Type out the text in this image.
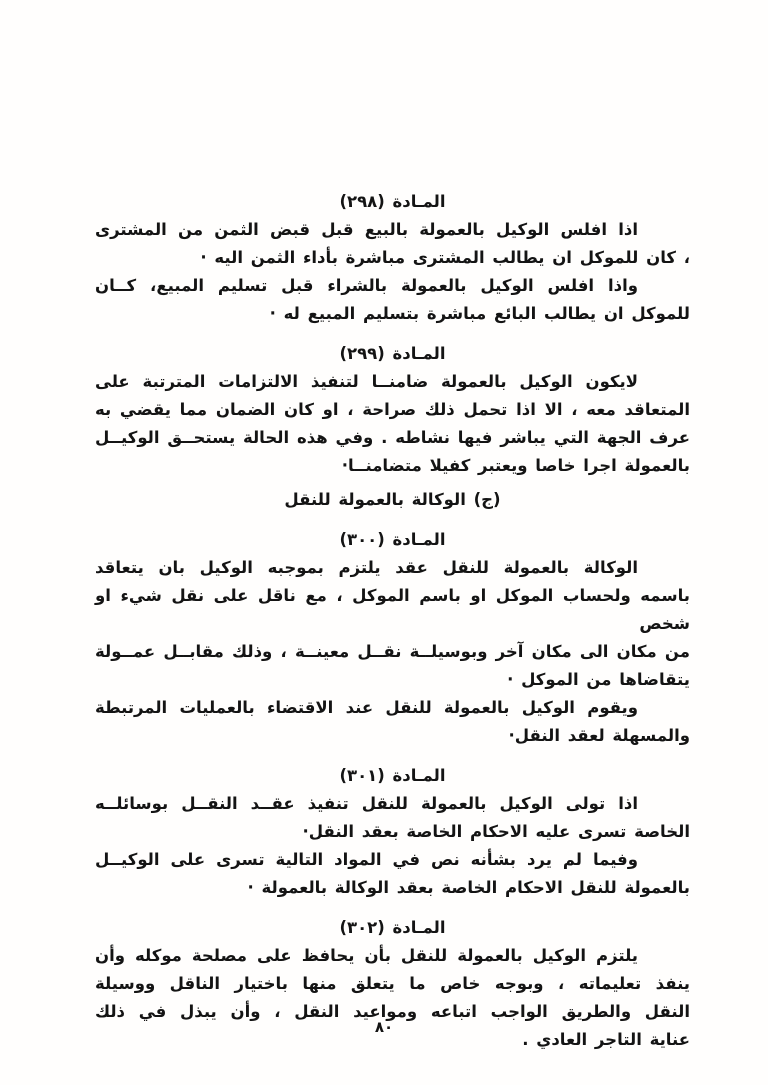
المـادة (٢٩٨)
اذا افلس الوكيل بالعمولة بالبيع قبل قبض الثمن من المشترى
، كان للموكل ان يطالب المشترى مباشرة بأداء الثمن اليه ·
واذا افلس الوكيل بالعمولة بالشراء قبل تسليم المبيع، كــان
للموكل ان يطالب البائع مباشرة بتسليم المبيع له ·
المـادة (٢٩٩)
لايكون الوكيل بالعمولة ضامنــا لتنفيذ الالتزامات المترتبة على
المتعاقد معه ، الا اذا تحمل ذلك صراحة ، او كان الضمان مما يقضي به
عرف الجهة التي يباشر فيها نشاطه . وفي هذه الحالة يستحــق الوكيــل
بالعمولة اجرا خاصا ويعتبر كفيلا متضامنــا·
(ج) الوكالة بالعمولة للنقل
المـادة (٣٠٠)
الوكالة بالعمولة للنقل عقد يلتزم بموجبه الوكيل بان يتعاقد
باسمه ولحساب الموكل او باسم الموكل ، مع ناقل على نقل شيء او شخص
من مكان الى مكان آخر وبوسيلــة نقــل معينــة ، وذلك مقابــل عمــولة
يتقاضاها من الموكل ·
ويقوم الوكيل بالعمولة للنقل عند الاقتضاء بالعمليات المرتبطة
والمسهلة لعقد النقل·
المـادة (٣٠١)
اذا تولى الوكيل بالعمولة للنقل تنفيذ عقــد النقــل بوسائلــه
الخاصة تسرى عليه الاحكام الخاصة بعقد النقل·
وفيما لم يرد بشأنه نص في المواد التالية تسرى على الوكيــل
بالعمولة للنقل الاحكام الخاصة بعقد الوكالة بالعمولة ·
المـادة (٣٠٢)
يلتزم الوكيل بالعمولة للنقل بأن يحافظ على مصلحة موكله وأن
ينفذ تعليماته ، وبوجه خاص ما يتعلق منها باختيار الناقل ووسيلة
النقل والطريق الواجب اتباعه ومواعيد النقل ، وأن يبذل في ذلك
عناية التاجر العادي .
٨٠
